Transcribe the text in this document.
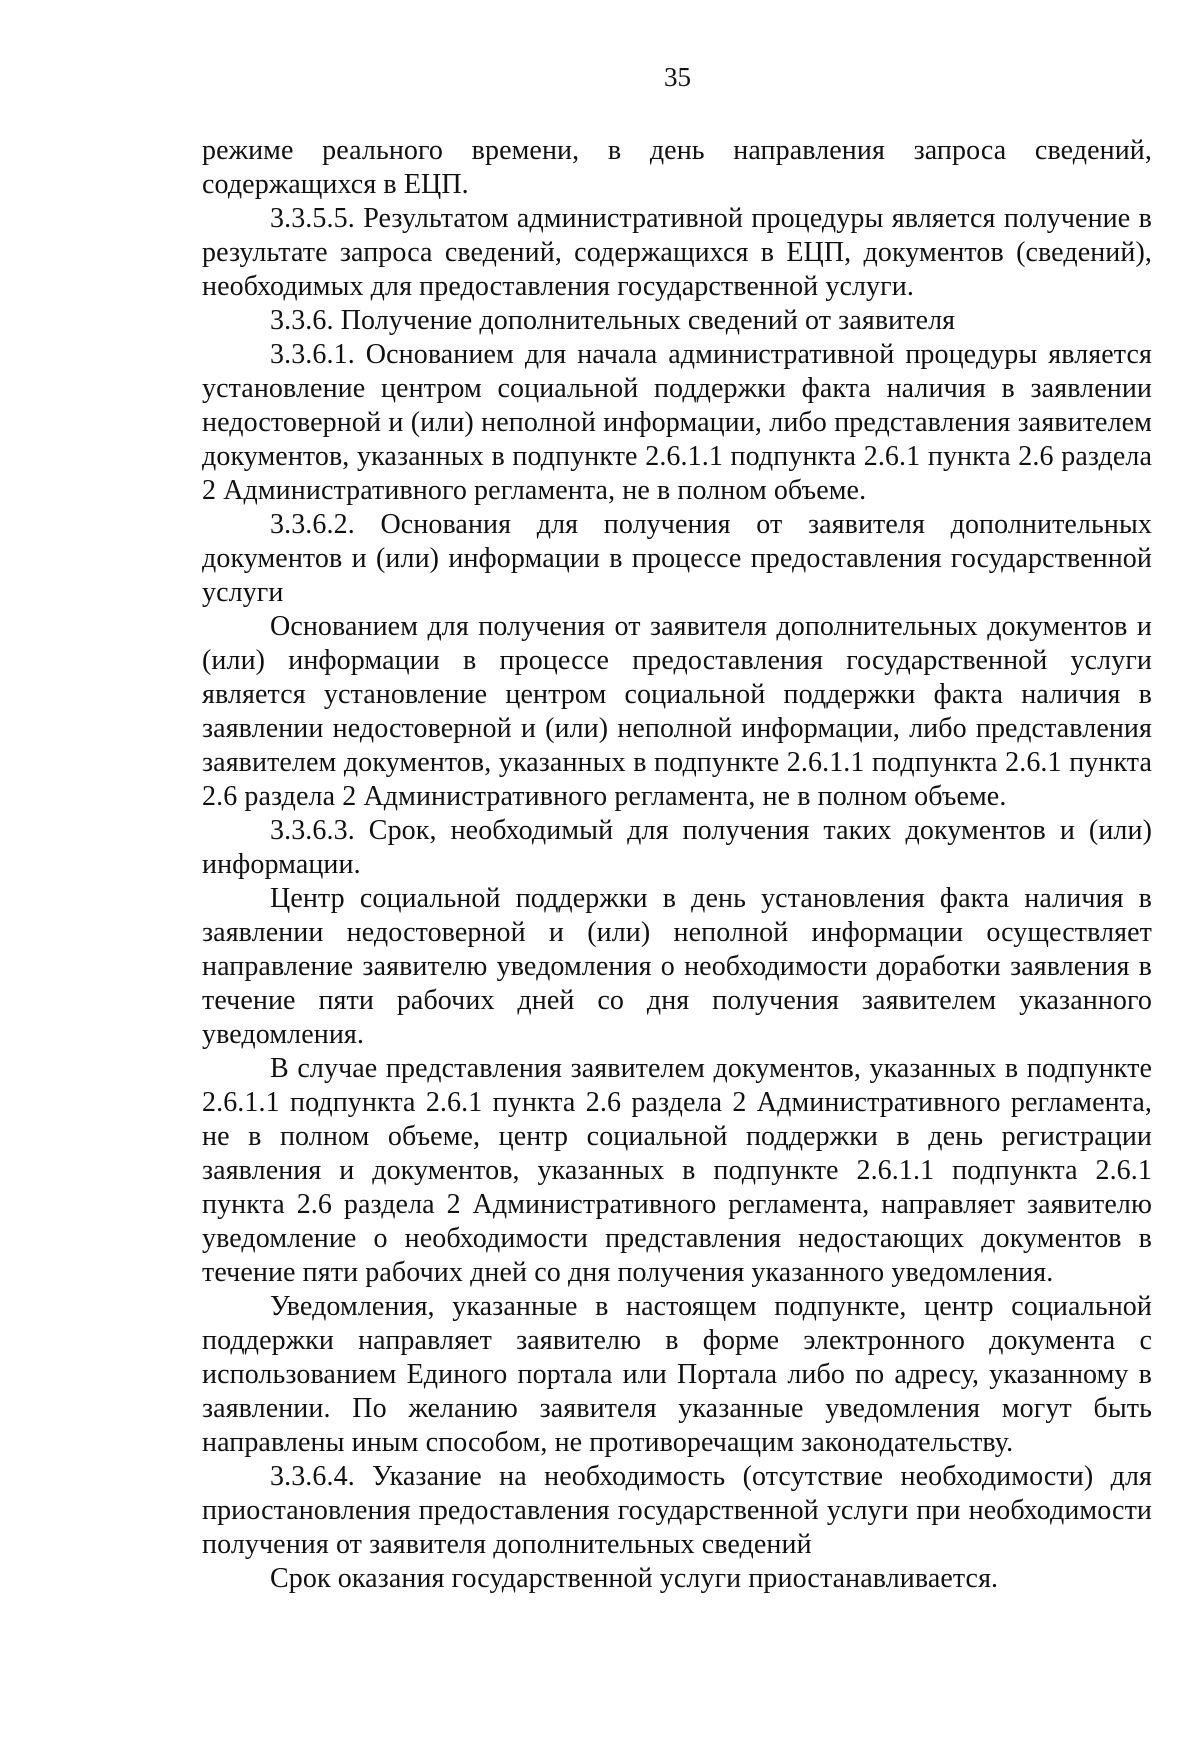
35

режиме реального времени, в день направления запроса сведений, содержащихся в ЕЦП.

3.3.5.5. Результатом административной процедуры является получение в результате запроса сведений, содержащихся в ЕЦП, документов (сведений), необходимых для предоставления государственной услуги.

3.3.6. Получение дополнительных сведений от заявителя

3.3.6.1. Основанием для начала административной процедуры является установление центром социальной поддержки факта наличия в заявлении недостоверной и (или) неполной информации, либо представления заявителем документов, указанных в подпункте 2.6.1.1 подпункта 2.6.1 пункта 2.6 раздела 2 Административного регламента, не в полном объеме.

3.3.6.2. Основания для получения от заявителя дополнительных документов и (или) информации в процессе предоставления государственной услуги

Основанием для получения от заявителя дополнительных документов и (или) информации в процессе предоставления государственной услуги является установление центром социальной поддержки факта наличия в заявлении недостоверной и (или) неполной информации, либо представления заявителем документов, указанных в подпункте 2.6.1.1 подпункта 2.6.1 пункта 2.6 раздела 2 Административного регламента, не в полном объеме.

3.3.6.3. Срок, необходимый для получения таких документов и (или) информации.

Центр социальной поддержки в день установления факта наличия в заявлении недостоверной и (или) неполной информации осуществляет направление заявителю уведомления о необходимости доработки заявления в течение пяти рабочих дней со дня получения заявителем указанного уведомления.

В случае представления заявителем документов, указанных в подпункте 2.6.1.1 подпункта 2.6.1 пункта 2.6 раздела 2 Административного регламента, не в полном объеме, центр социальной поддержки в день регистрации заявления и документов, указанных в подпункте 2.6.1.1 подпункта 2.6.1 пункта 2.6 раздела 2 Административного регламента, направляет заявителю уведомление о необходимости представления недостающих документов в течение пяти рабочих дней со дня получения указанного уведомления.

Уведомления, указанные в настоящем подпункте, центр социальной поддержки направляет заявителю в форме электронного документа с использованием Единого портала или Портала либо по адресу, указанному в заявлении. По желанию заявителя указанные уведомления могут быть направлены иным способом, не противоречащим законодательству.

3.3.6.4. Указание на необходимость (отсутствие необходимости) для приостановления предоставления государственной услуги при необходимости получения от заявителя дополнительных сведений

Срок оказания государственной услуги приостанавливается.
